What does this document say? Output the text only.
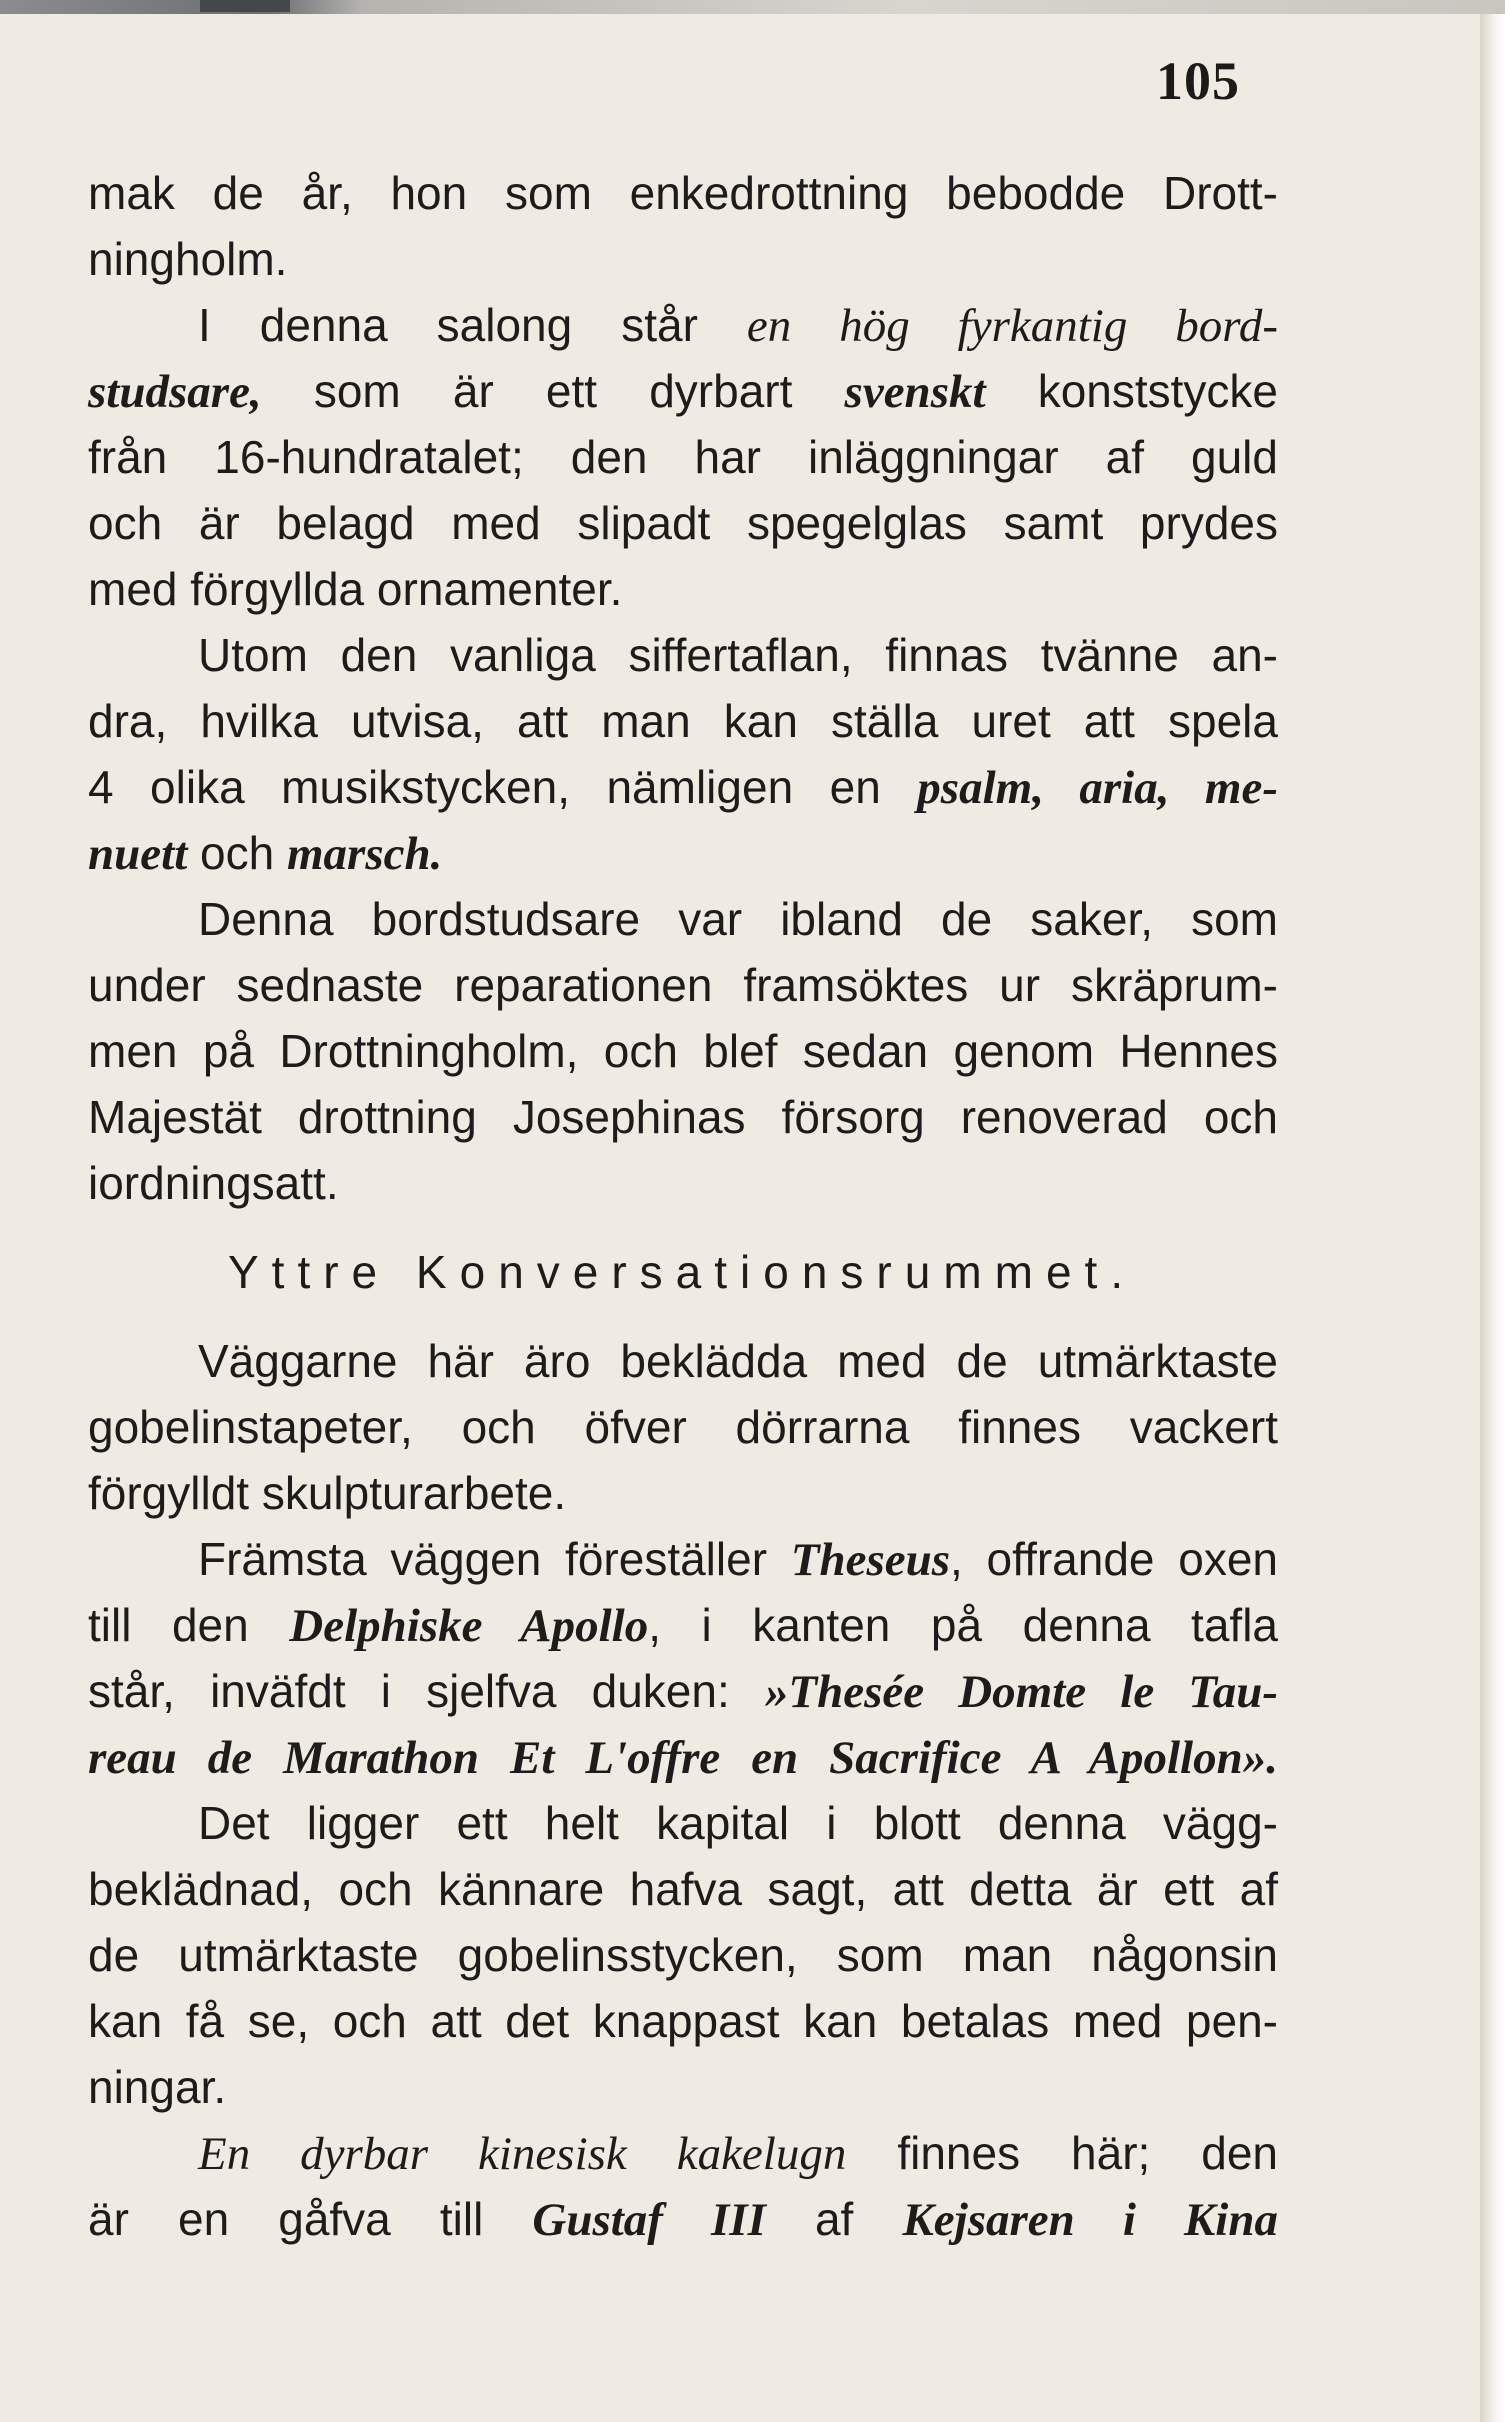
105
mak de år, hon som enkedrottning bebodde Drott-
ningholm.
I denna salong står en hög fyrkantig bord-
studsare, som är ett dyrbart svenskt konststycke
från 16-hundratalet; den har inläggningar af guld
och är belagd med slipadt spegelglas samt prydes
med förgyllda ornamenter.
Utom den vanliga siffertaflan, finnas tvänne an-
dra, hvilka utvisa, att man kan ställa uret att spela
4 olika musikstycken, nämligen en psalm, aria, me-
nuett och marsch.
Denna bordstudsare var ibland de saker, som
under sednaste reparationen framsöktes ur skräprum-
men på Drottningholm, och blef sedan genom Hennes
Majestät drottning Josephinas försorg renoverad och
iordningsatt.
Yttre Konversationsrummet.
Väggarne här äro beklädda med de utmärktaste
gobelinstapeter, och öfver dörrarna finnes vackert
förgylldt skulpturarbete.
Främsta väggen föreställer Theseus, offrande oxen
till den Delphiske Apollo, i kanten på denna tafla
står, inväfdt i sjelfva duken: »Thesée Domte le Tau-
reau de Marathon Et L'offre en Sacrifice A Apollon».
Det ligger ett helt kapital i blott denna vägg-
beklädnad, och kännare hafva sagt, att detta är ett af
de utmärktaste gobelinsstycken, som man någonsin
kan få se, och att det knappast kan betalas med pen-
ningar.
En dyrbar kinesisk kakelugn finnes här; den
är en gåfva till Gustaf III af Kejsaren i Kina
